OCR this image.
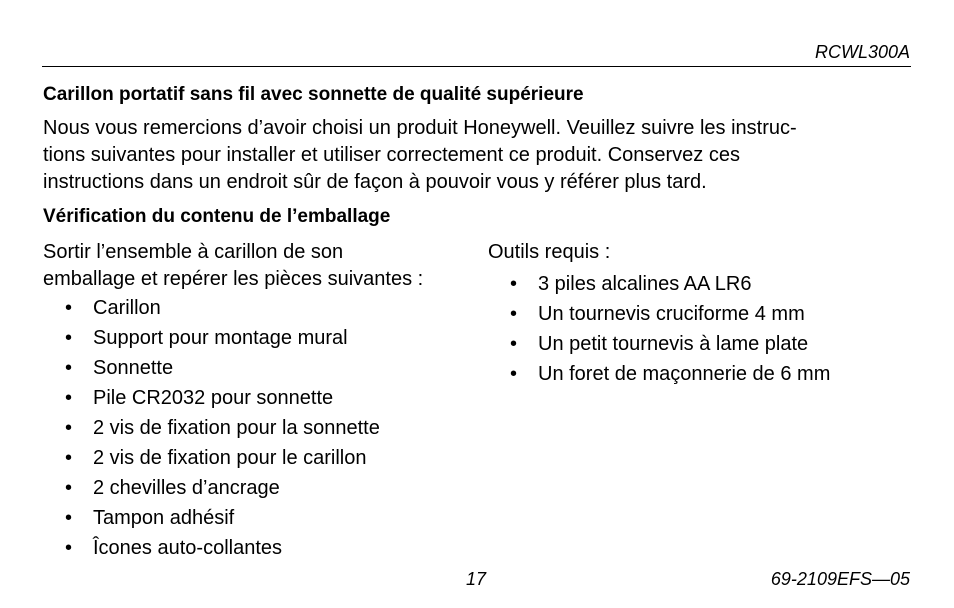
RCWL300A
Carillon portatif sans fil avec sonnette de qualité supérieure

Nous vous remercions d’avoir choisi un produit Honeywell. Veuillez suivre les instruc-
tions suivantes pour installer et utiliser correctement ce produit. Conservez ces
instructions dans un endroit sûr de façon à pouvoir vous y référer plus tard.

Vérification du contenu de l’emballage

Sortir l’ensemble à carillon de son
emballage et repérer les pièces suivantes :

• Carillon
• Support pour montage mural
• Sonnette
• Pile CR2032 pour sonnette
• 2 vis de fixation pour la sonnette
• 2 vis de fixation pour le carillon
• 2 chevilles d’ancrage
• Tampon adhésif
• Îcones auto-collantes

Outils requis :

• 3 piles alcalines AA LR6
• Un tournevis cruciforme 4 mm
• Un petit tournevis à lame plate
• Un foret de maçonnerie de 6 mm
17	69-2109EFS—05
